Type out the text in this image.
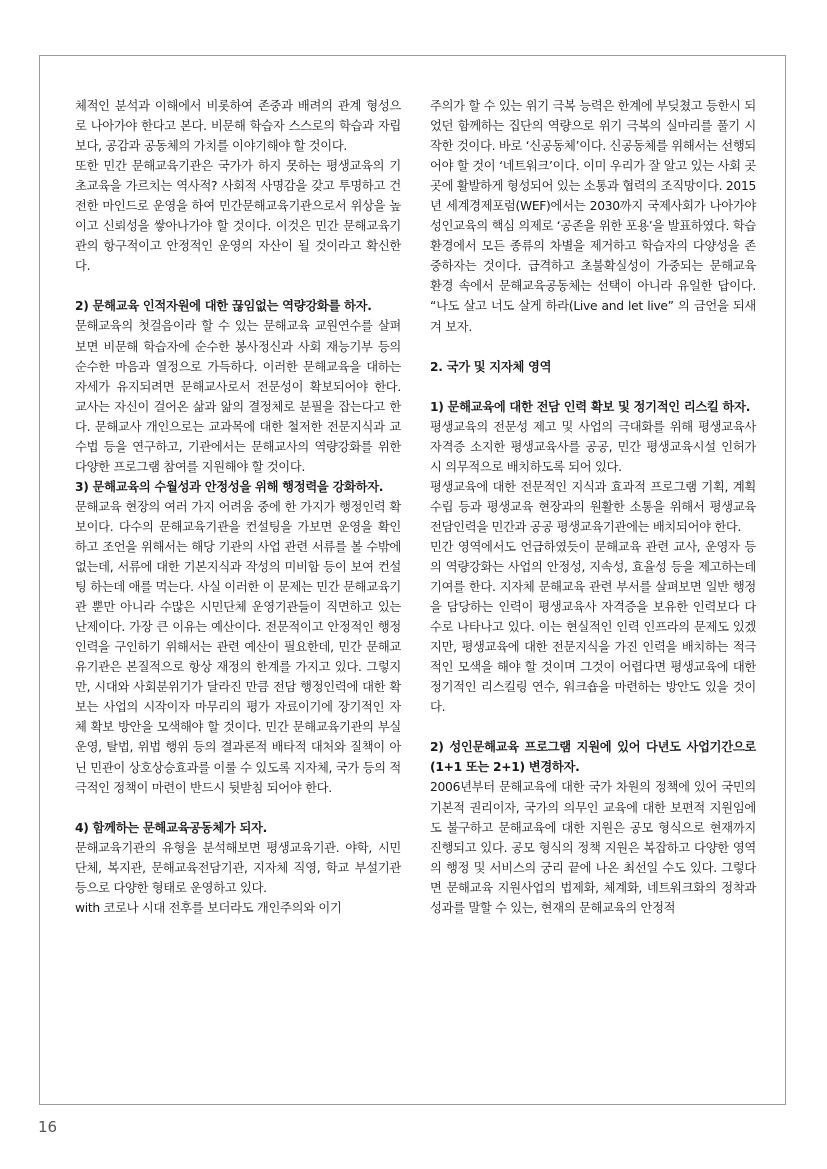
체적인 분석과 이해에서 비롯하여 존중과 배려의 관계 형성으로 나아가야 한다고 본다. 비문해 학습자 스스로의 학습과 자립 보다, 공감과 공동체의 가치를 이야기해야 할 것이다.

또한 민간 문해교육기관은 국가가 하지 못하는 평생교육의 기초교육을 가르치는 역사적? 사회적 사명감을 갖고 투명하고 건전한 마인드로 운영을 하여 민간문해교육기관으로서 위상을 높이고 신뢰성을 쌓아나가야 할 것이다. 이것은 민간 문해교육기관의 항구적이고 안정적인 운영의 자산이 될 것이라고 확신한다.

2) 문해교육 인적자원에 대한 끊임없는 역량강화를 하자.

문해교육의 첫걸음이라 할 수 있는 문해교육 교원연수를 살펴보면 비문해 학습자에 순수한 봉사정신과 사회 재능기부 등의 순수한 마음과 열정으로 가득하다. 이러한 문해교육을 대하는 자세가 유지되려면 문해교사로서 전문성이 확보되어야 한다. 교사는 자신이 걸어온 삶과 앎의 결정체로 분필을 잡는다고 한다. 문해교사 개인으로는 교과목에 대한 철저한 전문지식과 교수법 등을 연구하고, 기관에서는 문해교사의 역량강화를 위한 다양한 프로그램 참여를 지원해야 할 것이다.

3) 문해교육의 수월성과 안정성을 위해 행정력을 강화하자.

문해교육 현장의 여러 가지 어려움 중에 한 가지가 행정인력 확보이다. 다수의 문해교육기관을 컨설팅을 가보면 운영을 확인하고 조언을 위해서는 해당 기관의 사업 관련 서류를 볼 수밖에 없는데, 서류에 대한 기본지식과 작성의 미비함 등이 보여 컨설팅 하는데 애를 먹는다. 사실 이러한 이 문제는 민간 문해교육기관 뿐만 아니라 수많은 시민단체 운영기관들이 직면하고 있는 난제이다. 가장 큰 이유는 예산이다. 전문적이고 안정적인 행정 인력을 구인하기 위해서는 관련 예산이 필요한데, 민간 문해교유기관은 본질적으로 항상 재정의 한계를 가지고 있다. 그렇지만, 시대와 사회분위기가 달라진 만큼 전담 행정인력에 대한 확보는 사업의 시작이자 마무리의 평가 자료이기에 장기적인 자체 확보 방안을 모색해야 할 것이다. 민간 문해교육기관의 부실 운영, 탈법, 위법 행위 등의 결과론적 배타적 대처와 질책이 아닌 민관이 상호상승효과를 이룰 수 있도록 지자체, 국가 등의 적극적인 정책이 마련이 반드시 뒷받침 되어야 한다.

4) 함께하는 문해교육공동체가 되자.

문해교육기관의 유형을 분석해보면 평생교육기관. 야학, 시민단체, 복지관, 문해교육전담기관, 지자체 직영, 학교 부설기관 등으로 다양한 형태로 운영하고 있다.

with 코로나 시대 전후를 보더라도 개인주의와 이기

주의가 할 수 있는 위기 극복 능력은 한계에 부딪쳤고 등한시 되었던 함께하는 집단의 역량으로 위기 극복의 실마리를 풀기 시작한 것이다. 바로 ‘신공동체’이다. 신공동체를 위해서는 선행되어야 할 것이 ‘네트워크’이다. 이미 우리가 잘 알고 있는 사회 곳곳에 활발하게 형성되어 있는 소통과 협력의 조직망이다. 2015년 세계경제포럼(WEF)에서는 2030까지 국제사회가 나아가야 성인교육의 핵심 의제로 ‘공존을 위한 포용’을 발표하였다. 학습 환경에서 모든 종류의 차별을 제거하고 학습자의 다양성을 존중하자는 것이다. 급격하고 초불확실성이 가중되는 문해교육 환경 속에서 문해교육공동체는 선택이 아니라 유일한 답이다. “나도 살고 너도 살게 하라(Live and let live” 의 금언을 되새겨 보자.

2. 국가 및 지자체 영역

1) 문해교육에 대한 전담 인력 확보 및 정기적인 리스킬 하자.

평생교육의 전문성 제고 및 사업의 극대화를 위해 평생교육사 자격증 소지한 평생교육사를 공공, 민간 평생교육시설 인허가시 의무적으로 배치하도록 되어 있다.

평생교육에 대한 전문적인 지식과 효과적 프로그램 기획, 계획 수립 등과 평생교육 현장과의 원활한 소통을 위해서 평생교육 전담인력을 민간과 공공 평생교육기관에는 배치되어야 한다.

민간 영역에서도 언급하였듯이 문해교육 관련 교사, 운영자 등의 역량강화는 사업의 안정성, 지속성, 효율성 등을 제고하는데 기여를 한다. 지자체 문해교육 관련 부서를 살펴보면 일반 행정을 담당하는 인력이 평생교육사 자격증을 보유한 인력보다 다수로 나타나고 있다. 이는 현실적인 인력 인프라의 문제도 있겠지만, 평생교육에 대한 전문지식을 가진 인력을 배치하는 적극적인 모색을 해야 할 것이며 그것이 어렵다면 평생교육에 대한 정기적인 리스킬링 연수, 워크숍을 마련하는 방안도 있을 것이다.

2) 성인문해교육 프로그램 지원에 있어 다년도 사업기간으로(1+1 또는 2+1) 변경하자.

2006년부터 문해교육에 대한 국가 차원의 정책에 있어 국민의 기본적 권리이자, 국가의 의무인 교육에 대한 보편적 지원임에도 불구하고 문해교육에 대한 지원은 공모 형식으로 현재까지 진행되고 있다. 공모 형식의 정책 지원은 복잡하고 다양한 영역의 행정 및 서비스의 궁리 끝에 나온 최선일 수도 있다. 그렇다면 문해교육 지원사업의 법제화, 체계화, 네트워크화의 정착과 성과를 말할 수 있는, 현재의 문해교육의 안정적

16
